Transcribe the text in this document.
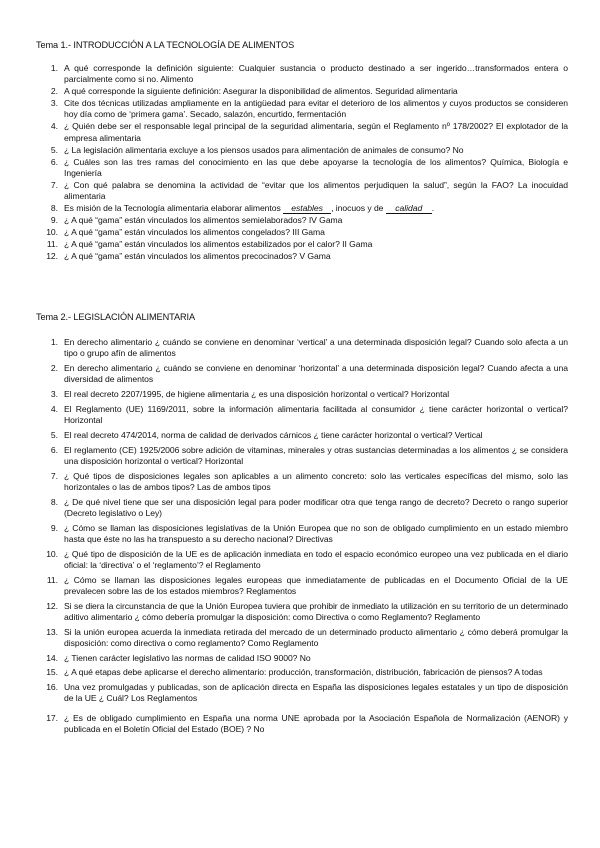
Tema 1.- INTRODUCCIÓN A LA TECNOLOGÍA DE ALIMENTOS
1. A qué corresponde la definición siguiente: Cualquier sustancia o producto destinado a ser ingerido…transformados entera o parcialmente como si no. Alimento
2. A qué corresponde la siguiente definición: Asegurar la disponibilidad de alimentos. Seguridad alimentaria
3. Cite dos técnicas utilizadas ampliamente en la antigüedad para evitar el deterioro de los alimentos y cuyos productos se consideren hoy día como de ‘primera gama’. Secado, salazón, encurtido, fermentación
4. ¿ Quién debe ser el responsable legal principal de la seguridad alimentaria, según el Reglamento nº 178/2002? El explotador de la empresa alimentaria
5. ¿ La legislación alimentaria excluye a los piensos usados para alimentación de animales de consumo? No
6. ¿ Cuáles son las tres ramas del conocimiento en las que debe apoyarse la tecnología de los alimentos? Química, Biología e Ingeniería
7. ¿ Con qué palabra se denomina la actividad de “evitar que los alimentos perjudiquen la salud”, según la FAO? La inocuidad alimentaria
8. Es misión de la Tecnología alimentaria elaborar alimentos estables , inocuos y de calidad .
9. ¿ A qué “gama” están vinculados los alimentos semielaborados? IV Gama
10. ¿ A qué “gama” están vinculados los alimentos congelados? III Gama
11. ¿ A qué “gama” están vinculados los alimentos estabilizados por el calor? II Gama
12. ¿ A qué “gama” están vinculados los alimentos precocinados? V Gama
Tema 2.- LEGISLACIÓN ALIMENTARIA
1. En derecho alimentario ¿ cuándo se conviene en denominar ‘vertical’ a una determinada disposición legal? Cuando solo afecta a un tipo o grupo afín de alimentos
2. En derecho alimentario ¿ cuándo se conviene en denominar ‘horizontal’ a una determinada disposición legal? Cuando afecta a una diversidad de alimentos
3. El real decreto 2207/1995, de higiene alimentaria ¿ es una disposición horizontal o vertical? Horizontal
4. El Reglamento (UE) 1169/2011, sobre la información alimentaria facilitada al consumidor ¿ tiene carácter horizontal o vertical? Horizontal
5. El real decreto 474/2014, norma de calidad de derivados cárnicos ¿ tiene carácter horizontal o vertical? Vertical
6. El reglamento (CE) 1925/2006 sobre adición de vitaminas, minerales y otras sustancias determinadas a los alimentos ¿ se considera una disposición horizontal o vertical? Horizontal
7. ¿ Qué tipos de disposiciones legales son aplicables a un alimento concreto: solo las verticales específicas del mismo, solo las horizontales o las de ambos tipos? Las de ambos tipos
8. ¿ De qué nivel tiene que ser una disposición legal para poder modificar otra que tenga rango de decreto? Decreto o rango superior (Decreto legislativo o Ley)
9. ¿ Cómo se llaman las disposiciones legislativas de la Unión Europea que no son de obligado cumplimiento en un estado miembro hasta que éste no las ha transpuesto a su derecho nacional? Directivas
10. ¿ Qué tipo de disposición de la UE es de aplicación inmediata en todo el espacio económico europeo una vez publicada en el diario oficial: la ‘directiva’ o el ‘reglamento’? el Reglamento
11. ¿ Cómo se llaman las disposiciones legales europeas que inmediatamente de publicadas en el Documento Oficial de la UE prevalecen sobre las de los estados miembros? Reglamentos
12. Si se diera la circunstancia de que la Unión Europea tuviera que prohibir de inmediato la utilización en su territorio de un determinado aditivo alimentario ¿ cómo debería promulgar la disposición: como Directiva o como Reglamento? Reglamento
13. Si la unión europea acuerda la inmediata retirada del mercado de un determinado producto alimentario ¿ cómo deberá promulgar la disposición: como directiva o como reglamento? Como Reglamento
14. ¿ Tienen carácter legislativo las normas de calidad ISO 9000? No
15. ¿ A qué etapas debe aplicarse el derecho alimentario: producción, transformación, distribución, fabricación de piensos? A todas
16. Una vez promulgadas y publicadas, son de aplicación directa en España las disposiciones legales estatales y un tipo de disposición de la UE ¿ Cuál? Los Reglamentos
17. ¿ Es de obligado cumplimiento en España una norma UNE aprobada por la Asociación Española de Normalización (AENOR) y publicada en el Boletín Oficial del Estado (BOE) ? No
